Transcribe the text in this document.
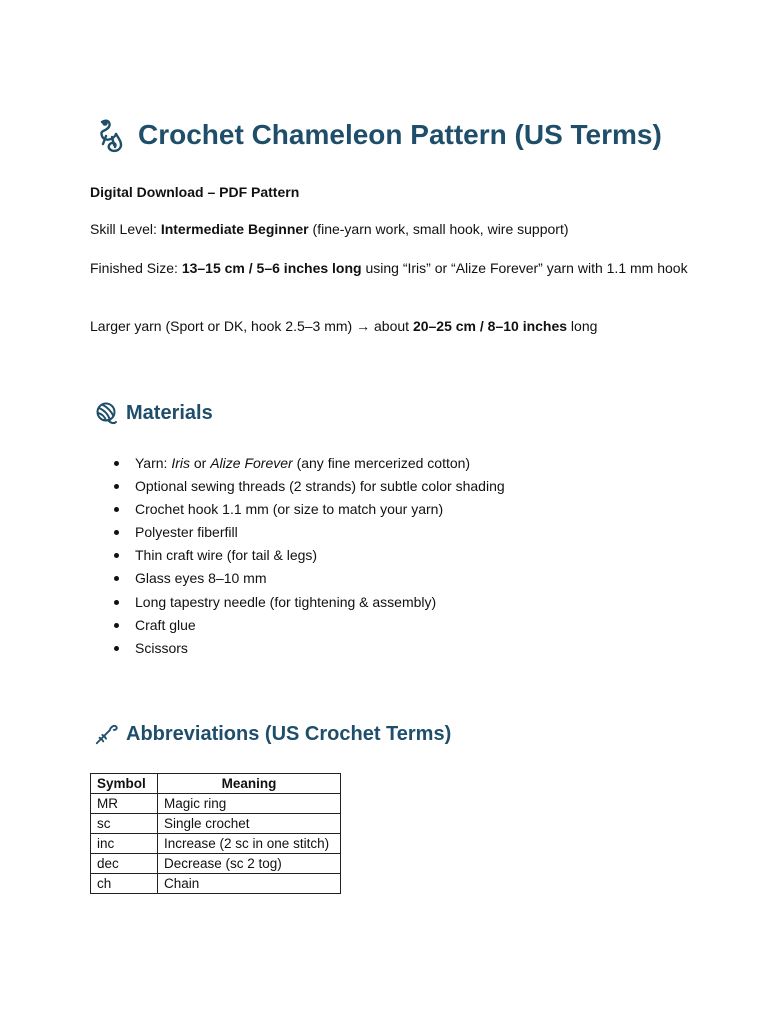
Crochet Chameleon Pattern (US Terms)
Digital Download – PDF Pattern
Skill Level: Intermediate Beginner (fine-yarn work, small hook, wire support)
Finished Size: 13–15 cm / 5–6 inches long using “Iris” or “Alize Forever” yarn with 1.1 mm hook
Larger yarn (Sport or DK, hook 2.5–3 mm) → about 20–25 cm / 8–10 inches long
Materials
Yarn: Iris or Alize Forever (any fine mercerized cotton)
Optional sewing threads (2 strands) for subtle color shading
Crochet hook 1.1 mm (or size to match your yarn)
Polyester fiberfill
Thin craft wire (for tail & legs)
Glass eyes 8–10 mm
Long tapestry needle (for tightening & assembly)
Craft glue
Scissors
Abbreviations (US Crochet Terms)
Symbol	Meaning
MR	Magic ring
sc	Single crochet
inc	Increase (2 sc in one stitch)
dec	Decrease (sc 2 tog)
ch	Chain
